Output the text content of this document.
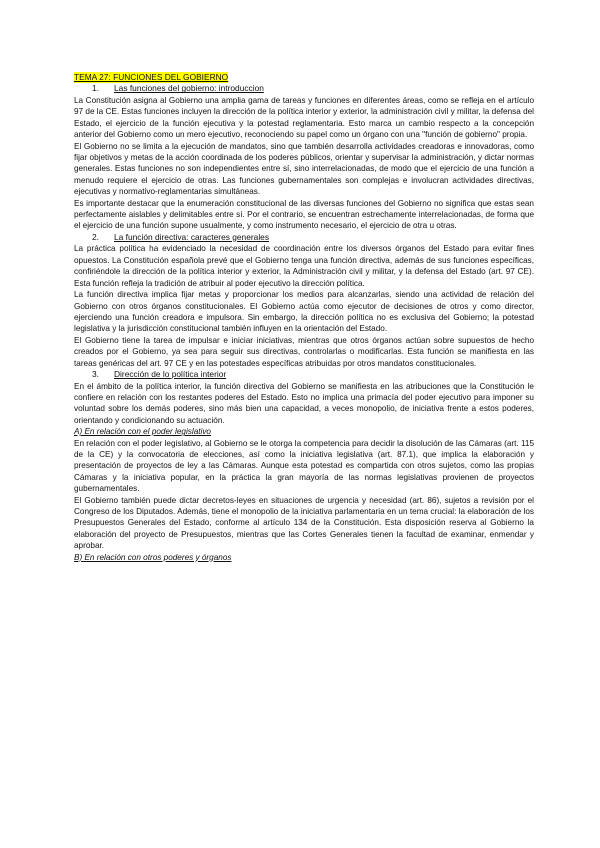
TEMA 27: FUNCIONES DEL GOBIERNO
1. Las funciones del gobierno: introduccion

La Constitución asigna al Gobierno una amplia gama de tareas y funciones en diferentes áreas, como se refleja en el artículo 97 de la CE. Estas funciones incluyen la dirección de la política interior y exterior, la administración civil y militar, la defensa del Estado, el ejercicio de la función ejecutiva y la potestad reglamentaria. Esto marca un cambio respecto a la concepción anterior del Gobierno como un mero ejecutivo, reconociendo su papel como un órgano con una "función de gobierno" propia.

El Gobierno no se limita a la ejecución de mandatos, sino que también desarrolla actividades creadoras e innovadoras, como fijar objetivos y metas de la acción coordinada de los poderes públicos, orientar y supervisar la administración, y dictar normas generales. Estas funciones no son independientes entre sí, sino interrelacionadas, de modo que el ejercicio de una función a menudo requiere el ejercicio de otras. Las funciones gubernamentales son complejas e involucran actividades directivas, ejecutivas y normativo-reglamentarias simultáneas.

Es importante destacar que la enumeración constitucional de las diversas funciones del Gobierno no significa que estas sean perfectamente aislables y delimitables entre sí. Por el contrario, se encuentran estrechamente interrelacionadas, de forma que el ejercicio de una función supone usualmente, y como instrumento necesario, el ejercicio de otra u otras.

2. La función directiva: caracteres generales

La práctica política ha evidenciado la necesidad de coordinación entre los diversos órganos del Estado para evitar fines opuestos. La Constitución española prevé que el Gobierno tenga una función directiva, además de sus funciones específicas, confiriéndole la dirección de la política interior y exterior, la Administración civil y militar, y la defensa del Estado (art. 97 CE). Esta función refleja la tradición de atribuir al poder ejecutivo la dirección política.

La función directiva implica fijar metas y proporcionar los medios para alcanzarlas, siendo una actividad de relación del Gobierno con otros órganos constitucionales. El Gobierno actúa como ejecutor de decisiones de otros y como director, ejerciendo una función creadora e impulsora. Sin embargo, la dirección política no es exclusiva del Gobierno; la potestad legislativa y la jurisdicción constitucional también influyen en la orientación del Estado.

El Gobierno tiene la tarea de impulsar e iniciar iniciativas, mientras que otros órganos actúan sobre supuestos de hecho creados por el Gobierno, ya sea para seguir sus directivas, controlarlas o modificarlas. Esta función se manifiesta en las tareas genéricas del art. 97 CE y en las potestades específicas atribuidas por otros mandatos constitucionales.

3. Dirección de lo política interior

En el ámbito de la política interior, la función directiva del Gobierno se manifiesta en las atribuciones que la Constitución le confiere en relación con los restantes poderes del Estado. Esto no implica una primacía del poder ejecutivo para imponer su voluntad sobre los demás poderes, sino más bien una capacidad, a veces monopolio, de iniciativa frente a estos poderes, orientando y condicionando su actuación.

A) En relación con el poder legislativo

En relación con el poder legislativo, al Gobierno se le otorga la competencia para decidir la disolución de las Cámaras (art. 115 de la CE) y la convocatoria de elecciones, así como la iniciativa legislativa (art. 87.1), que implica la elaboración y presentación de proyectos de ley a las Cámaras. Aunque esta potestad es compartida con otros sujetos, como las propias Cámaras y la iniciativa popular, en la práctica la gran mayoría de las normas legislativas provienen de proyectos gubernamentales.

El Gobierno también puede dictar decretos-leyes en situaciones de urgencia y necesidad (art. 86), sujetos a revisión por el Congreso de los Diputados. Además, tiene el monopolio de la iniciativa parlamentaria en un tema crucial: la elaboración de los Presupuestos Generales del Estado, conforme al artículo 134 de la Constitución. Esta disposición reserva al Gobierno la elaboración del proyecto de Presupuestos, mientras que las Cortes Generales tienen la facultad de examinar, enmendar y aprobar.

B) En relación con otros poderes y órganos
